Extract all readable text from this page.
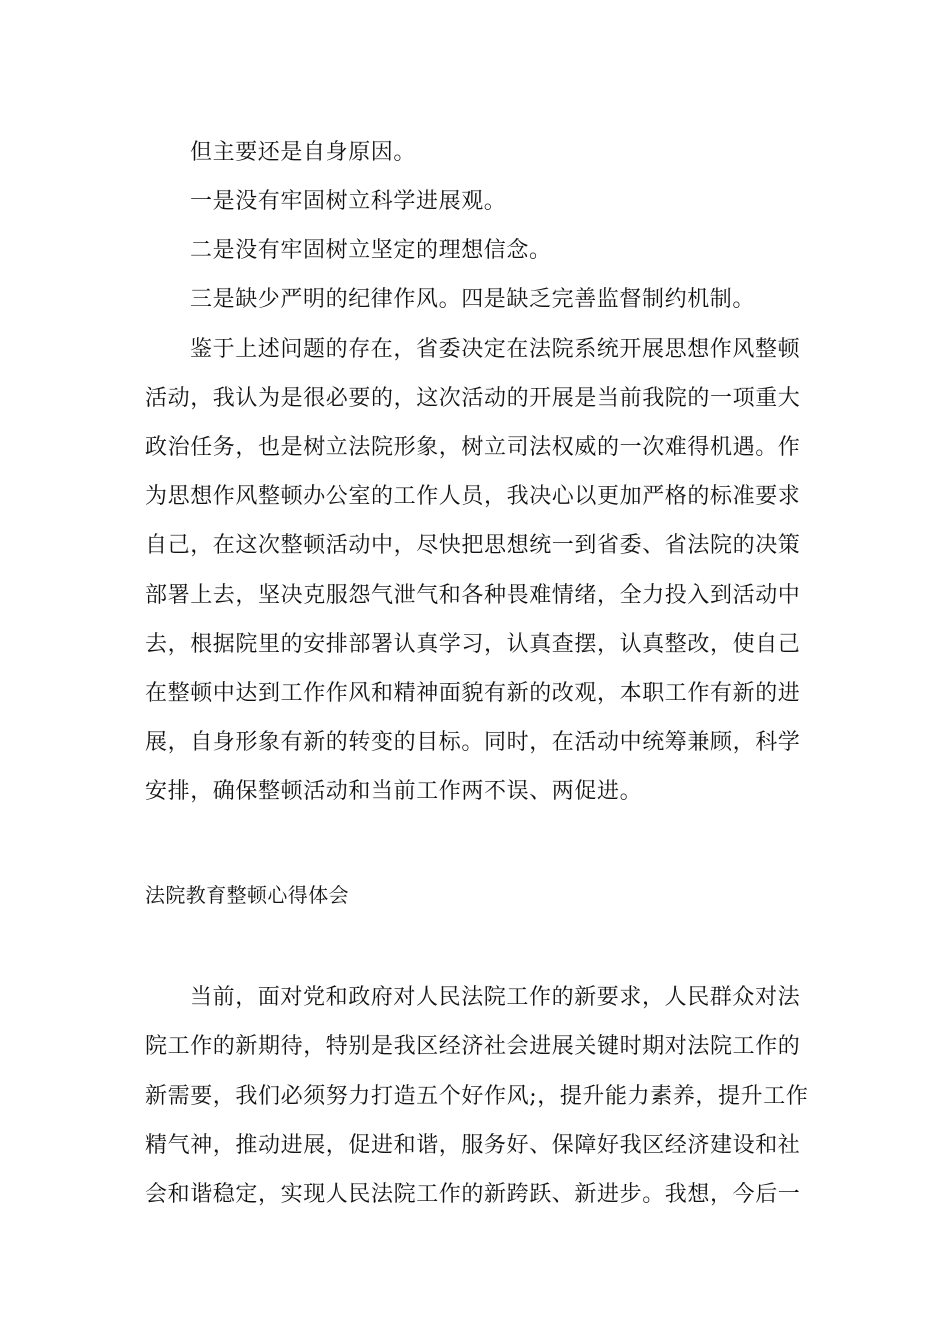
但主要还是自身原因。
一是没有牢固树立科学进展观。
二是没有牢固树立坚定的理想信念。
三是缺少严明的纪律作风。四是缺乏完善监督制约机制。
鉴于上述问题的存在，省委决定在法院系统开展思想作风整顿
活动，我认为是很必要的，这次活动的开展是当前我院的一项重大
政治任务，也是树立法院形象，树立司法权威的一次难得机遇。作
为思想作风整顿办公室的工作人员，我决心以更加严格的标准要求
自己，在这次整顿活动中，尽快把思想统一到省委、省法院的决策
部署上去，坚决克服怨气泄气和各种畏难情绪，全力投入到活动中
去，根据院里的安排部署认真学习，认真查摆，认真整改，使自己
在整顿中达到工作作风和精神面貌有新的改观，本职工作有新的进
展，自身形象有新的转变的目标。同时，在活动中统筹兼顾，科学
安排，确保整顿活动和当前工作两不误、两促进。
法院教育整顿心得体会
当前，面对党和政府对人民法院工作的新要求，人民群众对法
院工作的新期待，特别是我区经济社会进展关键时期对法院工作的
新需要，我们必须努力打造五个好作风;，提升能力素养，提升工作
精气神，推动进展，促进和谐，服务好、保障好我区经济建设和社
会和谐稳定，实现人民法院工作的新跨跃、新进步。我想，今后一
